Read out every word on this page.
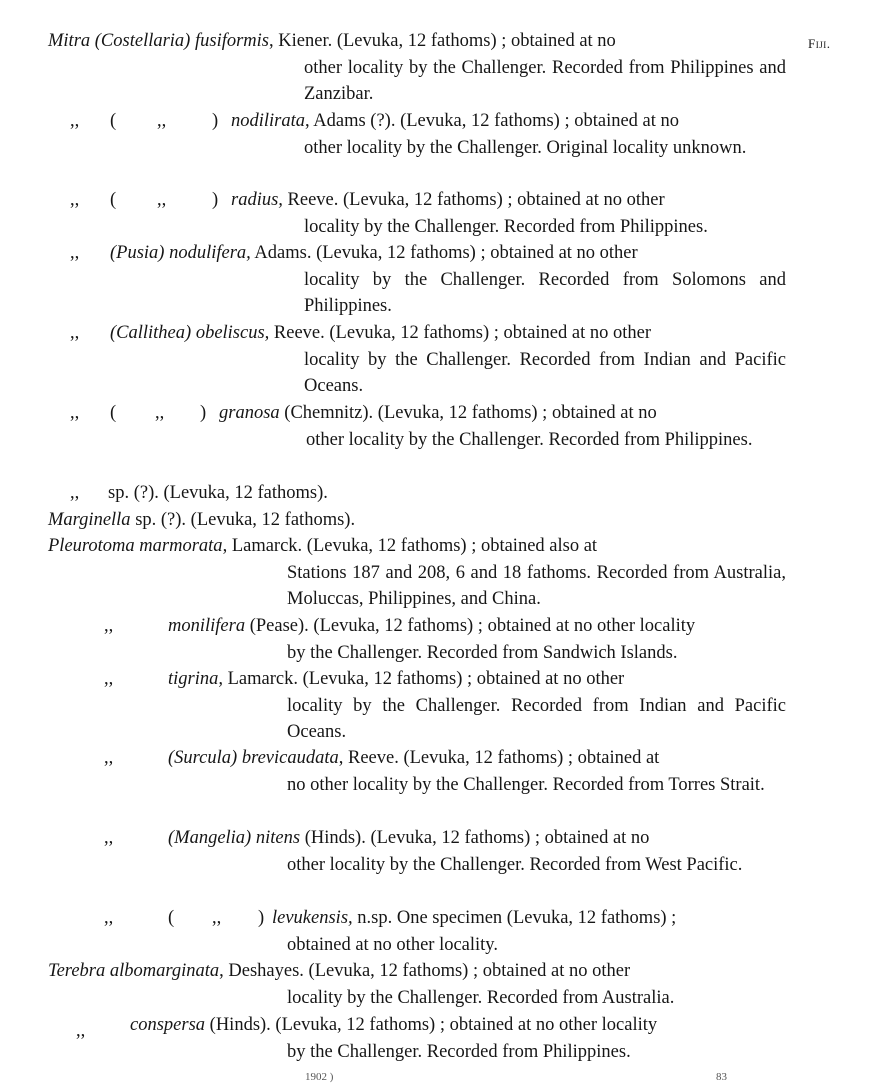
Fiji.
Mitra (Costellaria) fusiformis, Kiener. (Levuka, 12 fathoms) ; obtained at no
other locality by the Challenger. Recorded from Philippines and Zanzibar.
,, ( ,, ) nodilirata, Adams (?). (Levuka, 12 fathoms) ; obtained at no
other locality by the Challenger. Original locality unknown.
,, ( ,, ) radius, Reeve. (Levuka, 12 fathoms) ; obtained at no other
locality by the Challenger. Recorded from Philippines.
,, (Pusia) nodulifera, Adams. (Levuka, 12 fathoms) ; obtained at no other
locality by the Challenger. Recorded from Solomons and Philippines.
,, (Callithea) obeliscus, Reeve. (Levuka, 12 fathoms) ; obtained at no other
locality by the Challenger. Recorded from Indian and Pacific Oceans.
,, ( ,, ) granosa (Chemnitz). (Levuka, 12 fathoms) ; obtained at no
other locality by the Challenger. Recorded from Philippines.
,, sp. (?). (Levuka, 12 fathoms).
Marginella sp. (?). (Levuka, 12 fathoms).
Pleurotoma marmorata, Lamarck. (Levuka, 12 fathoms) ; obtained also at
Stations 187 and 208, 6 and 18 fathoms. Recorded from Australia, Moluccas, Philippines, and China.
,,	monilifera (Pease). (Levuka, 12 fathoms) ; obtained at no other locality
by the Challenger. Recorded from Sandwich Islands.
,,	tigrina, Lamarck. (Levuka, 12 fathoms) ; obtained at no other
locality by the Challenger. Recorded from Indian and Pacific Oceans.
,,	(Surcula) brevicaudata, Reeve. (Levuka, 12 fathoms) ; obtained at
no other locality by the Challenger. Recorded from Torres Strait.
,,	(Mangelia) nitens (Hinds). (Levuka, 12 fathoms) ; obtained at no
other locality by the Challenger. Recorded from West Pacific.
,,	( ,, ) levukensis, n.sp. One specimen (Levuka, 12 fathoms) ;
obtained at no other locality.
Terebra albomarginata, Deshayes. (Levuka, 12 fathoms) ; obtained at no other
locality by the Challenger. Recorded from Australia.
,, conspersa (Hinds). (Levuka, 12 fathoms) ; obtained at no other locality
by the Challenger. Recorded from Philippines.
1902 )	83
